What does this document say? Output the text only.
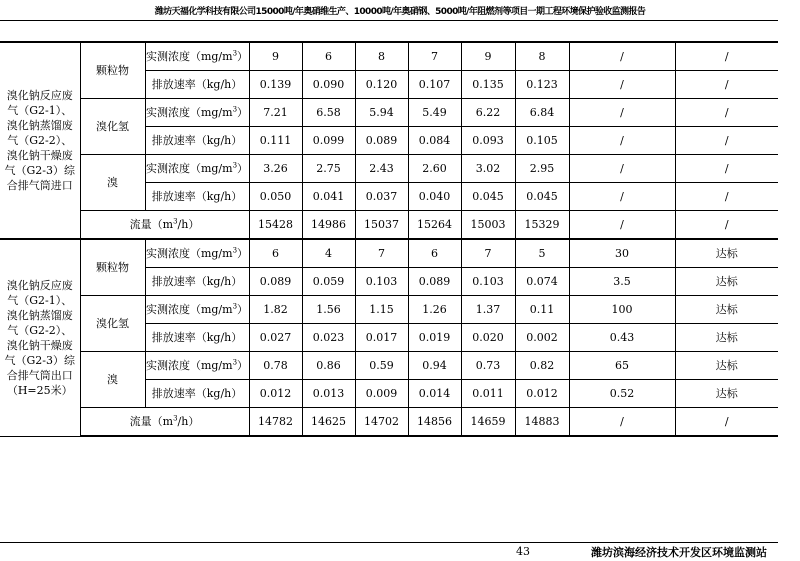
潍坊天福化学科技有限公司15000吨/年奥硝维生产、10000吨/年奥硝钢、5000吨/年阻燃剂等项目一期工程环境保护验收监测报告
溴化钠反应废气（G2-1）、溴化钠蒸馏废气（G2-2）、溴化钠干燥废气（G2-3）综合排气筒进口	颗粒物	实测浓度$(mg/m^3)$	9	6	8	7	9	8	/	/
		排放速率（kg/h）	0.139	0.090	0.120	0.107	0.135	0.123	/	/
	溴化氢	实测浓度$(mg/m^3)$	7.21	6.58	5.94	5.49	6.22	6.84	/	/
		排放速率（kg/h）	0.111	0.099	0.089	0.084	0.093	0.105	/	/
	溴	实测浓度$(mg/m^3)$	3.26	2.75	2.43	2.60	3.02	2.95	/	/
		排放速率（kg/h）	0.050	0.041	0.037	0.040	0.045	0.045	/	/
	流量$(m^3/h)$		15428	14986	15037	15264	15003	15329	/	/
溴化钠反应废气（G2-1）、溴化钠蒸馏废气（G2-2）、溴化钠干燥废气（G2-3）综合排气筒出口（H=25米）	颗粒物	实测浓度$(mg/m^3)$	6	4	7	6	7	5	30	达标
		排放速率（kg/h）	0.089	0.059	0.103	0.089	0.103	0.074	3.5	达标
	溴化氢	实测浓度$(mg/m^3)$	1.82	1.56	1.15	1.26	1.37	0.11	100	达标
		排放速率（kg/h）	0.027	0.023	0.017	0.019	0.020	0.002	0.43	达标
	溴	实测浓度$(mg/m^3)$	0.78	0.86	0.59	0.94	0.73	0.82	65	达标
		排放速率（kg/h）	0.012	0.013	0.009	0.014	0.011	0.012	0.52	达标
	流量$(m^3/h)$		14782	14625	14702	14856	14659	14883	/	/
43	潍坊滨海经济技术开发区环境监测站
